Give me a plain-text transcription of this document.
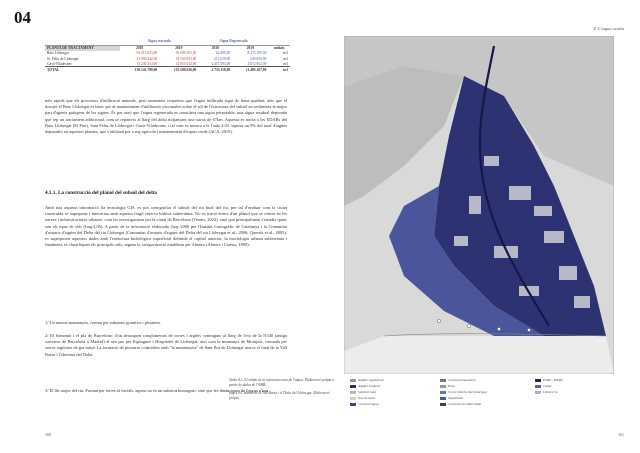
04
4. L'aigua oculta
	Aigua tractada		Aigua Regenerada		
PLANTA DE TRACTAMENT	2018	2019	2018	2019	unitats
Baix Llobregat	94.915.623,00	92.089.161,00	62.885,00	8.172.185,00	m3
St. Feliu de Llobregat	21.995.842,00	18.564.833,00	212.650,00	240.050,00	m3
Gavà-Viladecans	13.230.334,00	14.855.642,00	2.457.583,00	3.072.952,00	m3
TOTAL	130.141.799,00	125.509.636,00	2.733.118,00	11.485.187,00	m3
més ràpids que els processos d'infiltració naturals, però tanmateix requereix que l'aigua infiltrada sigui de bona qualitat, atès que el dossier el Baix Llobregat és bàsic per al manteniment d'infiltració s'acumulen sobre el sòl de l'estructura del subsòl en sediments la major part d'agents patògens de les aigües. És per això que l'aigua regenerada es considera una aigua pèrpotable, una aigua residual depurada que rep un tractament addicional, com se reparteix al llarg del delta mitjançant una xarxa de 67km. Aquesta es tracta a les EDARs del Baix Llobregat (El Prat), Sant Feliu de Llobregat i Gavà-Viladecans, i tal com es mostra a la Taula 4.03, suposa un 9% del total d'aigües depurades en aquestes plantes, que s'utilitzen per a reg agrícola i manteniment d'espais verds (ACA, 2019).
4.1.1. La construcció del plànol del subsòl del delta
Amb tota aquesta informació (la tecnologia GIS, es pot cartografiar el subsòl del riu final del riu, per tal d'avaluar com la ciutat construïda se superposa i interactua amb aquesta fràgil reserva hídrica subterrània. No es tracta doncs d'un plànol que se centra en les xarxes i infraestructures urbanes, com les investigacions per la ciutat de Barcelona (Vienes, 2022), sinó que principalment s'estudia quins són els tipus de sòls (Img.4.05). A partir de la informació elaborada l'any 2006 per l'Institut Cartogràfic de Catalunya i la Comunitat d'usuaris d'aigües del Delta del riu Llobregat (Comunitat d'usuaris d'aigües del Delta del riu Llobregat et al., 2006; Querals et al., 2005), es superposen aquestes dades amb l'estructura hidrològica superficial definida al capítol anterior, la morfologia urbana subterrània i finalment, es classifiquen els principals sòls, segons la categorització establerta per Almera (Almera i Comas, 1880):
1/ Un massís muntanyós, format per substrats granítics i pissarres.
2/ El Samontà i el pla de Barcelona: d'on destaquen conglomerats de sorres i argiles continguts al llarg de l'eix de la N340 (antiga carretera de Barcelona a Madrid) al seu pas per Esplugues i Hospitalet de Llobregat, així com la muntanya de Montjuïc, formada per sorres argiloses de gra mitjà. La formació de pissarres coincideix amb "la muntanyeta" de Sant Boi de Llobregat marca el final de la Vall Baixa i l'obertura del Delta.
3/ El llit major del riu. Format per terres al·luvials, aquest no és un substrat homogeni, sinó que les dinàmiques de l'aigua n'han
Taula 4.3. El volum de la infraestructura de l'aigua. Elaboració pròpia a partir de dades de l'AMB.
Img.4.04. Subsòl de la Vall Baixa i el Delta del Llobregat. Elaboració pròpia.
Aqüífer superficial
Aqüífer profund
Substrat mixt
Peu de mont
Cursos d'aigua
Carbó petroquímica
Pous
Curso històric del Llobregat
Aigualmoll
Construcció subterrània
ETAP - EDAR
Canal
Llit del riu
160	161
